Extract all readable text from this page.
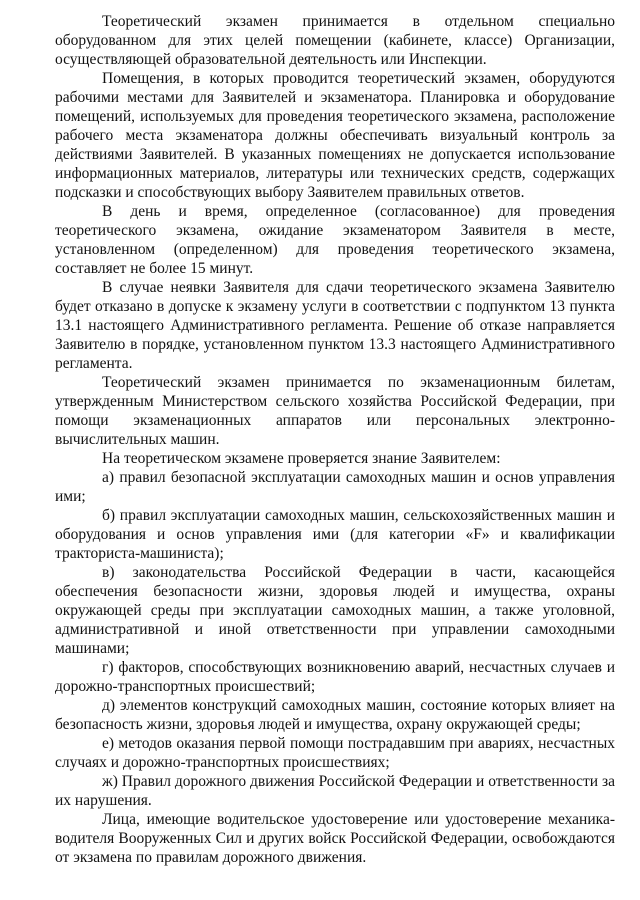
Теоретический экзамен принимается в отдельном специально оборудованном для этих целей помещении (кабинете, классе) Организации, осуществляющей образовательной деятельность или Инспекции.

Помещения, в которых проводится теоретический экзамен, оборудуются рабочими местами для Заявителей и экзаменатора. Планировка и оборудование помещений, используемых для проведения теоретического экзамена, расположение рабочего места экзаменатора должны обеспечивать визуальный контроль за действиями Заявителей. В указанных помещениях не допускается использование информационных материалов, литературы или технических средств, содержащих подсказки и способствующих выбору Заявителем правильных ответов.

В день и время, определенное (согласованное) для проведения теоретического экзамена, ожидание экзаменатором Заявителя в месте, установленном (определенном) для проведения теоретического экзамена, составляет не более 15 минут.

В случае неявки Заявителя для сдачи теоретического экзамена Заявителю будет отказано в допуске к экзамену услуги в соответствии с подпунктом 13 пункта 13.1 настоящего Административного регламента. Решение об отказе направляется Заявителю в порядке, установленном пунктом 13.3 настоящего Административного регламента.

Теоретический экзамен принимается по экзаменационным билетам, утвержденным Министерством сельского хозяйства Российской Федерации, при помощи экзаменационных аппаратов или персональных электронно-вычислительных машин.

На теоретическом экзамене проверяется знание Заявителем:

а) правил безопасной эксплуатации самоходных машин и основ управления ими;

б) правил эксплуатации самоходных машин, сельскохозяйственных машин и оборудования и основ управления ими (для категории «F» и квалификации тракториста-машиниста);

в) законодательства Российской Федерации в части, касающейся обеспечения безопасности жизни, здоровья людей и имущества, охраны окружающей среды при эксплуатации самоходных машин, а также уголовной, административной и иной ответственности при управлении самоходными машинами;

г) факторов, способствующих возникновению аварий, несчастных случаев и дорожно-транспортных происшествий;

д) элементов конструкций самоходных машин, состояние которых влияет на безопасность жизни, здоровья людей и имущества, охрану окружающей среды;

е) методов оказания первой помощи пострадавшим при авариях, несчастных случаях и дорожно-транспортных происшествиях;

ж) Правил дорожного движения Российской Федерации и ответственности за их нарушения.

Лица, имеющие водительское удостоверение или удостоверение механика-водителя Вооруженных Сил и других войск Российской Федерации, освобождаются от экзамена по правилам дорожного движения.
